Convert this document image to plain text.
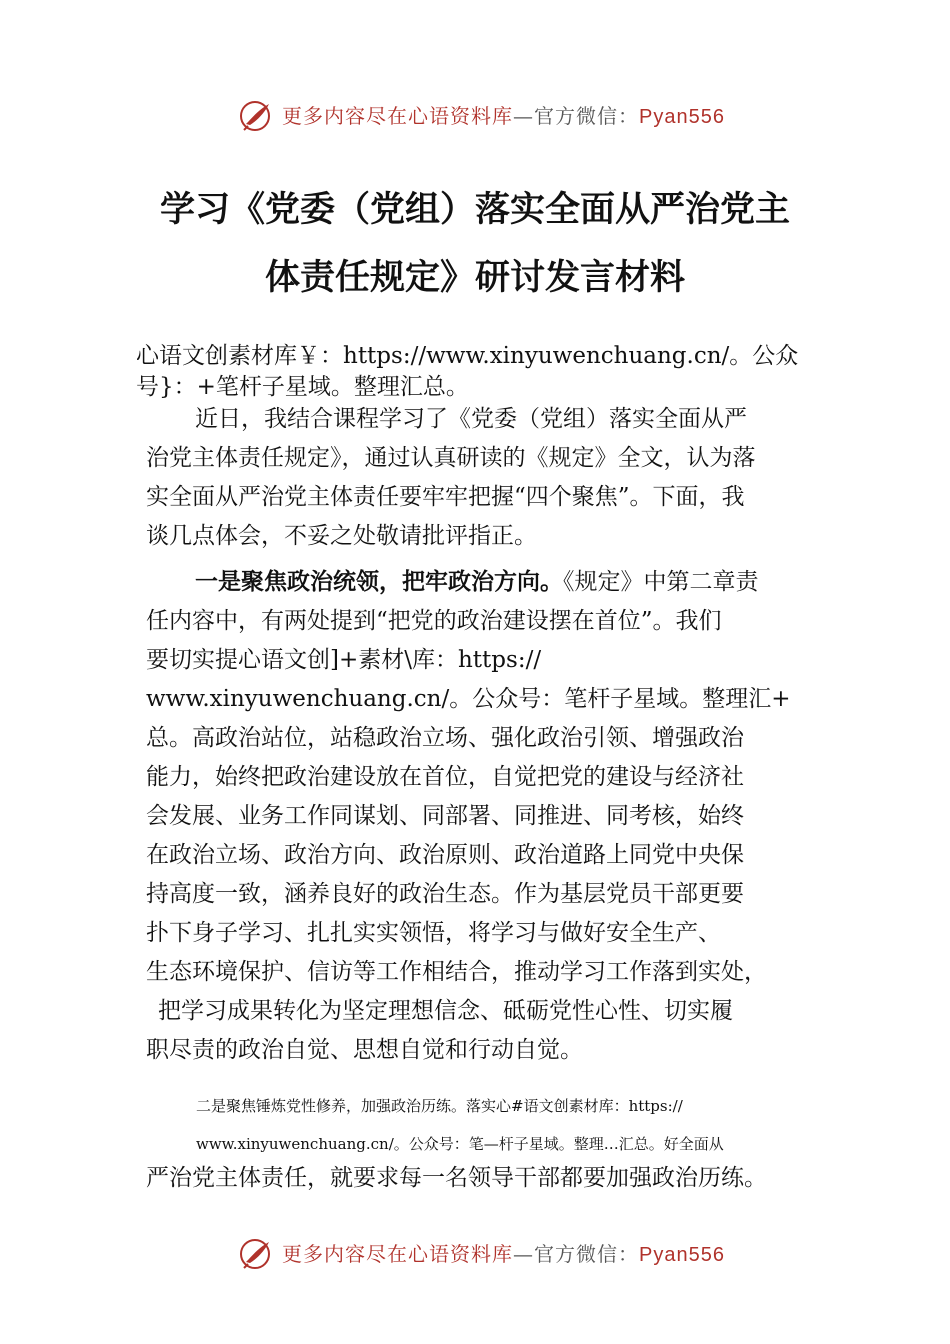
更多内容尽在心语资料库—官方微信：Pyan556
学习《党委（党组）落实全面从严治党主
体责任规定》研讨发言材料
心语文创素材库￥：https://www.xinyuwenchuang.cn/。公众
号}：+笔杆子星域。整理汇总。
近日，我结合课程学习了《党委（党组）落实全面从严
治党主体责任规定》，通过认真研读的《规定》全文，认为落
实全面从严治党主体责任要牢牢把握“四个聚焦”。下面，我
谈几点体会，不妥之处敬请批评指正。
一是聚焦政治统领，把牢政治方向。《规定》中第二章责
任内容中，有两处提到“把党的政治建设摆在首位”。我们
要切实提心语文创]+素材\库：https://
www.xinyuwenchuang.cn/。公众号：笔杆子星域。整理汇+
总。高政治站位，站稳政治立场、强化政治引领、增强政治
能力，始终把政治建设放在首位，自觉把党的建设与经济社
会发展、业务工作同谋划、同部署、同推进、同考核，始终
在政治立场、政治方向、政治原则、政治道路上同党中央保
持高度一致，涵养良好的政治生态。作为基层党员干部更要
扑下身子学习、扎扎实实领悟，将学习与做好安全生产、
生态环境保护、信访等工作相结合，推动学习工作落到实处，
把学习成果转化为坚定理想信念、砥砺党性心性、切实履
职尽责的政治自觉、思想自觉和行动自觉。
二是聚焦锤炼党性修养，加强政治历练。落实心#语文创素材库：https://
www.xinyuwenchuang.cn/。公众号：笔—杆子星域。整理…汇总。好全面从
严治党主体责任，就要求每一名领导干部都要加强政治历练。
更多内容尽在心语资料库—官方微信：Pyan556
